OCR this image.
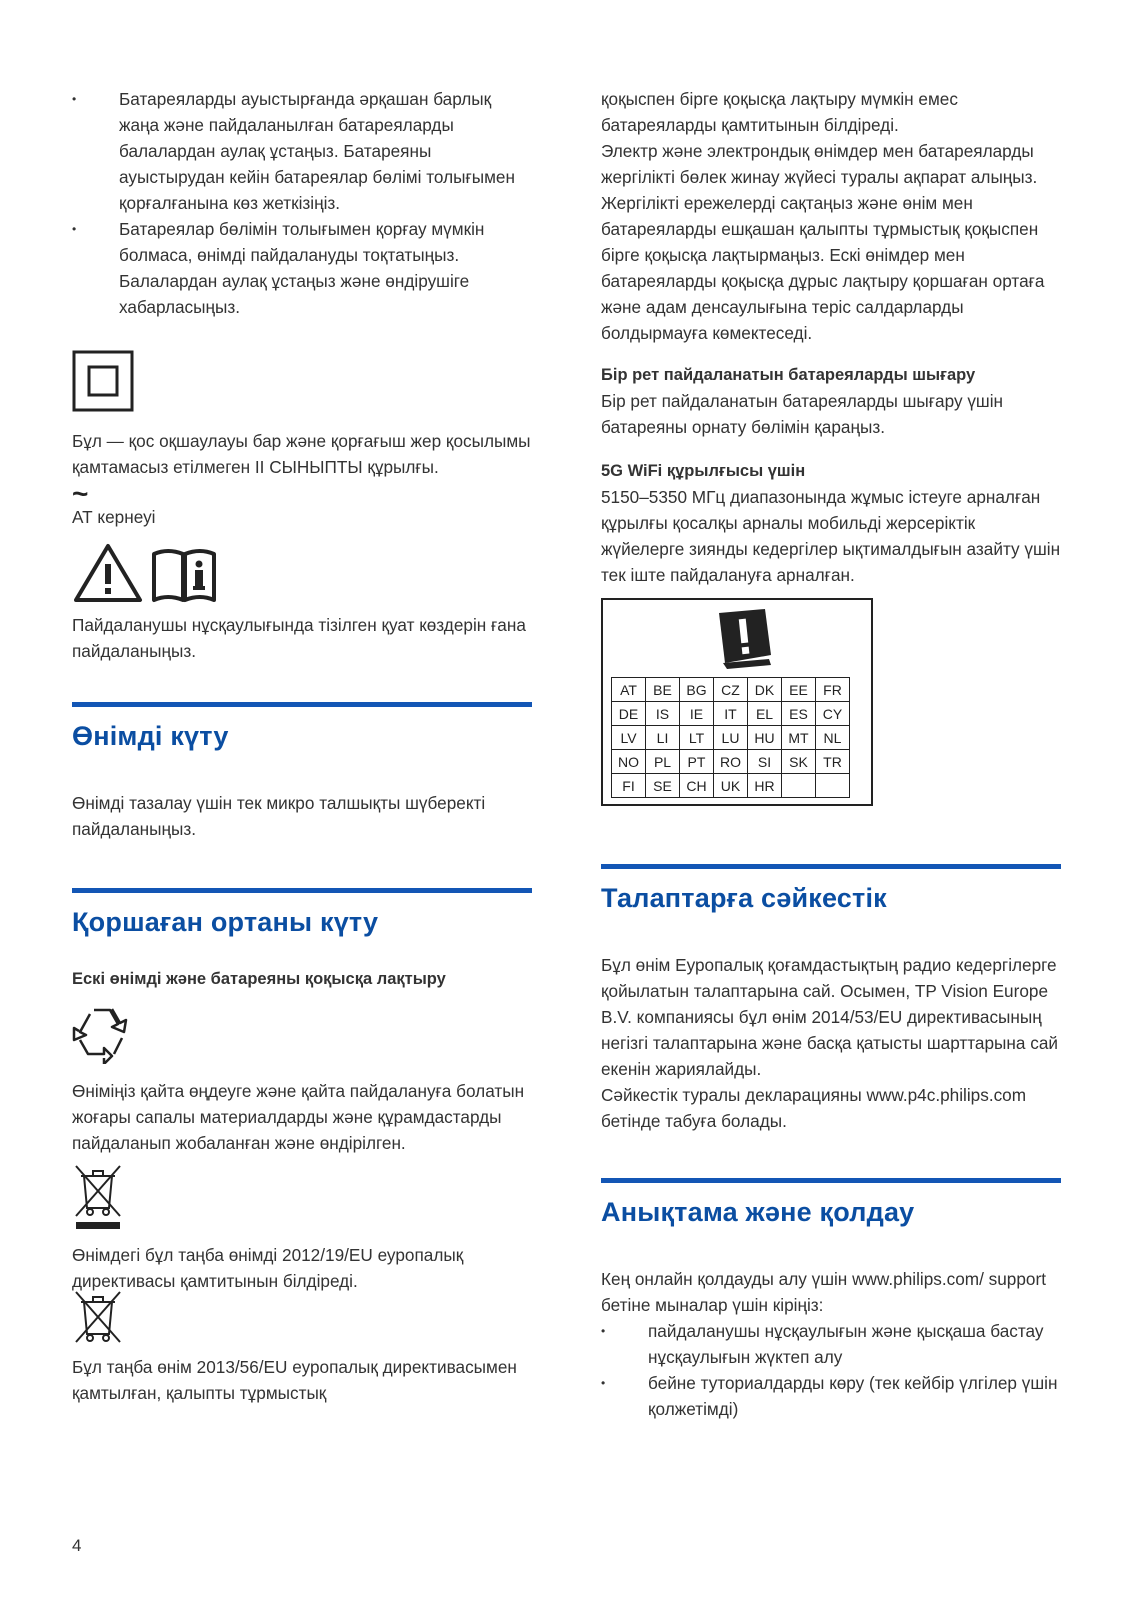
• Батареяларды ауыстырғанда әрқашан барлық жаңа және пайдаланылған батареяларды балалардан аулақ ұстаңыз. Батареяны ауыстырудан кейін батареялар бөлімі толығымен қорғалғанына көз жеткізіңіз.
• Батареялар бөлімін толығымен қорғау мүмкін болмаса, өнімді пайдалануды тоқтатыңыз. Балалардан аулақ ұстаңыз және өндірушіге хабарласыңыз.

Бұл — қос оқшаулауы бар және қорғағыш жер қосылымы қамтамасыз етілмеген II СЫНЫПТЫ құрылғы.

~

АТ кернеуі

Пайдаланушы нұсқаулығында тізілген қуат көздерін ғана пайдаланыңыз.

Өнімді күту

Өнімді тазалау үшін тек микро талшықты шүберекті пайдаланыңыз.

Қоршаған ортаны күту

Ескі өнімді және батареяны қоқысқа лақтыру

Өніміңіз қайта өңдеуге және қайта пайдалануға болатын жоғары сапалы материалдарды және құрамдастарды пайдаланып жобаланған және өндірілген.

Өнімдегі бұл таңба өнімді 2012/19/EU еуропалық директивасы қамтитынын білдіреді.

Бұл таңба өнім 2013/56/EU еуропалық директивасымен қамтылған, қалыпты тұрмыстық

қоқыспен бірге қоқысқа лақтыру мүмкін емес батареяларды қамтитынын білдіреді.

Электр және электрондық өнімдер мен батареяларды жергілікті бөлек жинау жүйесі туралы ақпарат алыңыз. Жергілікті ережелерді сақтаңыз және өнім мен батареяларды ешқашан қалыпты тұрмыстық қоқыспен бірге қоқысқа лақтырмаңыз. Ескі өнімдер мен батареяларды қоқысқа дұрыс лақтыру қоршаған ортаға және адам денсаулығына теріс салдарларды болдырмауға көмектеседі.

Бір рет пайдаланатын батареяларды шығару

Бір рет пайдаланатын батареяларды шығару үшін батареяны орнату бөлімін қараңыз.

5G WiFi құрылғысы үшін

5150–5350 МГц диапазонында жұмыс істеуге арналған құрылғы қосалқы арналы мобильді жерсеріктік жүйелерге зиянды кедергілер ықтималдығын азайту үшін тек іште пайдалануға арналған.

AT	BE	BG	CZ	DK	EE	FR
DE	IS	IE	IT	EL	ES	CY
LV	LI	LT	LU	HU	MT	NL
NO	PL	PT	RO	SI	SK	TR
FI	SE	CH	UK	HR		
Талаптарға сәйкестік

Бұл өнім Еуропалық қоғамдастықтың радио кедергілерге қойылатын талаптарына сай. Осымен, TP Vision Europe B.V. компаниясы бұл өнім 2014/53/EU директивасының негізгі талаптарына және басқа қатысты шарттарына сай екенін жариялайды.

Сәйкестік туралы декларацияны www.p4c.philips.com бетінде табуға болады.

Анықтама және қолдау

Кең онлайн қолдауды алу үшін www.philips.com/ support бетіне мыналар үшін кіріңіз:

• пайдаланушы нұсқаулығын және қысқаша бастау нұсқаулығын жүктеп алу
• бейне туториалдарды көру (тек кейбір үлгілер үшін қолжетімді)
4
